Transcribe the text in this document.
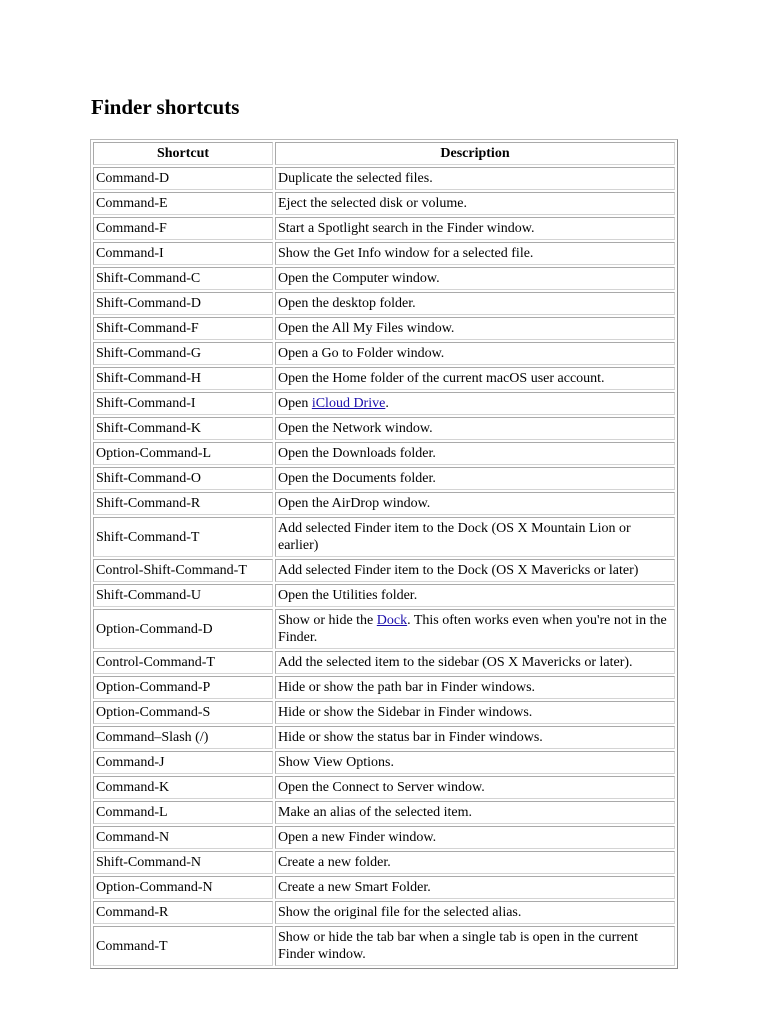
Finder shortcuts
Shortcut	Description
Command-D	Duplicate the selected files.
Command-E	Eject the selected disk or volume.
Command-F	Start a Spotlight search in the Finder window.
Command-I	Show the Get Info window for a selected file.
Shift-Command-C	Open the Computer window.
Shift-Command-D	Open the desktop folder.
Shift-Command-F	Open the All My Files window.
Shift-Command-G	Open a Go to Folder window.
Shift-Command-H	Open the Home folder of the current macOS user account.
Shift-Command-I	Open iCloud Drive.
Shift-Command-K	Open the Network window.
Option-Command-L	Open the Downloads folder.
Shift-Command-O	Open the Documents folder.
Shift-Command-R	Open the AirDrop window.
Shift-Command-T	Add selected Finder item to the Dock (OS X Mountain Lion or earlier)
Control-Shift-Command-T	Add selected Finder item to the Dock (OS X Mavericks or later)
Shift-Command-U	Open the Utilities folder.
Option-Command-D	Show or hide the Dock. This often works even when you're not in the Finder.
Control-Command-T	Add the selected item to the sidebar (OS X Mavericks or later).
Option-Command-P	Hide or show the path bar in Finder windows.
Option-Command-S	Hide or show the Sidebar in Finder windows.
Command–Slash (/)	Hide or show the status bar in Finder windows.
Command-J	Show View Options.
Command-K	Open the Connect to Server window.
Command-L	Make an alias of the selected item.
Command-N	Open a new Finder window.
Shift-Command-N	Create a new folder.
Option-Command-N	Create a new Smart Folder.
Command-R	Show the original file for the selected alias.
Command-T	Show or hide the tab bar when a single tab is open in the current Finder window.
